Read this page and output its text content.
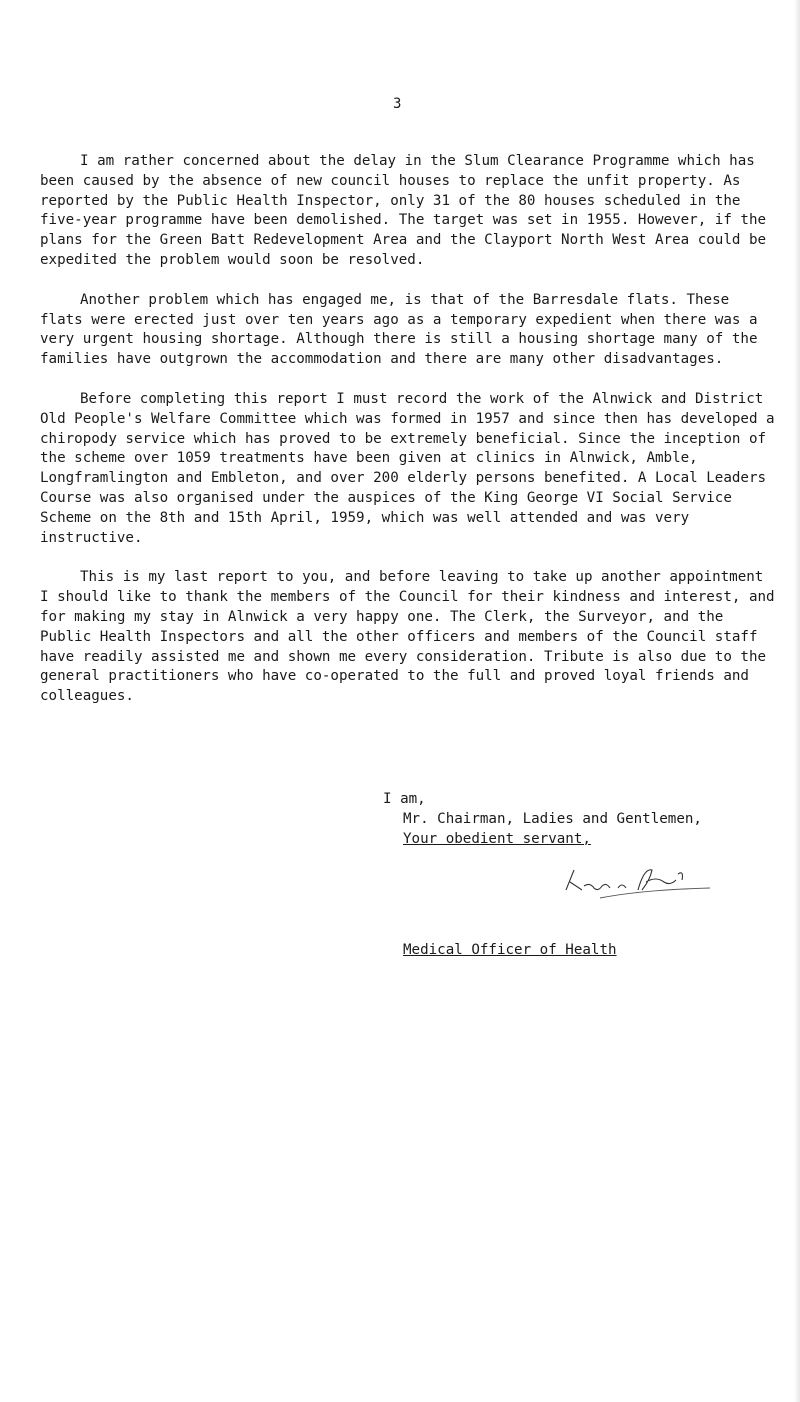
3

I am rather concerned about the delay in the Slum Clearance Programme which has been caused by the absence of new council houses to replace the unfit property. As reported by the Public Health Inspector, only 31 of the 80 houses scheduled in the five-year programme have been demolished. The target was set in 1955. However, if the plans for the Green Batt Redevelopment Area and the Clayport North West Area could be expedited the problem would soon be resolved.

Another problem which has engaged me, is that of the Barresdale flats. These flats were erected just over ten years ago as a temporary expedient when there was a very urgent housing shortage. Although there is still a housing shortage many of the families have outgrown the accommodation and there are many other disadvantages.

Before completing this report I must record the work of the Alnwick and District Old People's Welfare Committee which was formed in 1957 and since then has developed a chiropody service which has proved to be extremely beneficial. Since the inception of the scheme over 1059 treatments have been given at clinics in Alnwick, Amble, Longframlington and Embleton, and over 200 elderly persons benefited. A Local Leaders Course was also organised under the auspices of the King George VI Social Service Scheme on the 8th and 15th April, 1959, which was well attended and was very instructive.

This is my last report to you, and before leaving to take up another appointment I should like to thank the members of the Council for their kindness and interest, and for making my stay in Alnwick a very happy one. The Clerk, the Surveyor, and the Public Health Inspectors and all the other officers and members of the Council staff have readily assisted me and shown me every consideration. Tribute is also due to the general practitioners who have co-operated to the full and proved loyal friends and colleagues.

I am,
Mr. Chairman, Ladies and Gentlemen,
Your obedient servant,
Medical Officer of Health
